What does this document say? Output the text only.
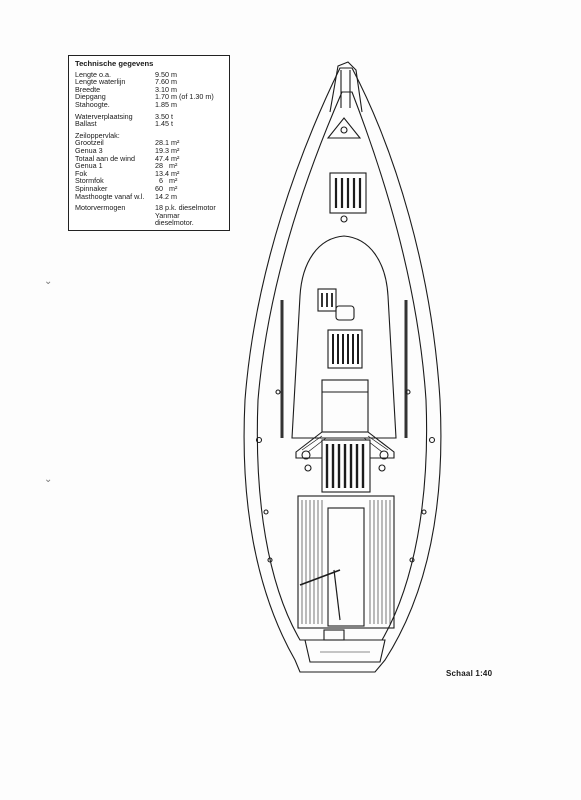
Technische gegevens
Lengte o.a.	9.50 m
Lengte waterlijn	7.60 m
Breedte	3.10 m
Diepgang	1.70 m (of 1.30 m)
Stahoogte.	1.85 m
Waterverplaatsing	3.50 t
Ballast	1.45 t
Zeiloppervlak:
Grootzeil	28.1 m²
Genua 3	19.3 m²
Totaal aan de wind	47.4 m²
Genua 1	28   m²
Fok	13.4 m²
Stormfok	6   m²
Spinnaker	60   m²
Masthoogte vanaf w.l.	14.2 m
Motorvermogen	18 p.k. dieselmotor
Yanmar
dieselmotor.
⌄
⌄
Schaal 1:40
